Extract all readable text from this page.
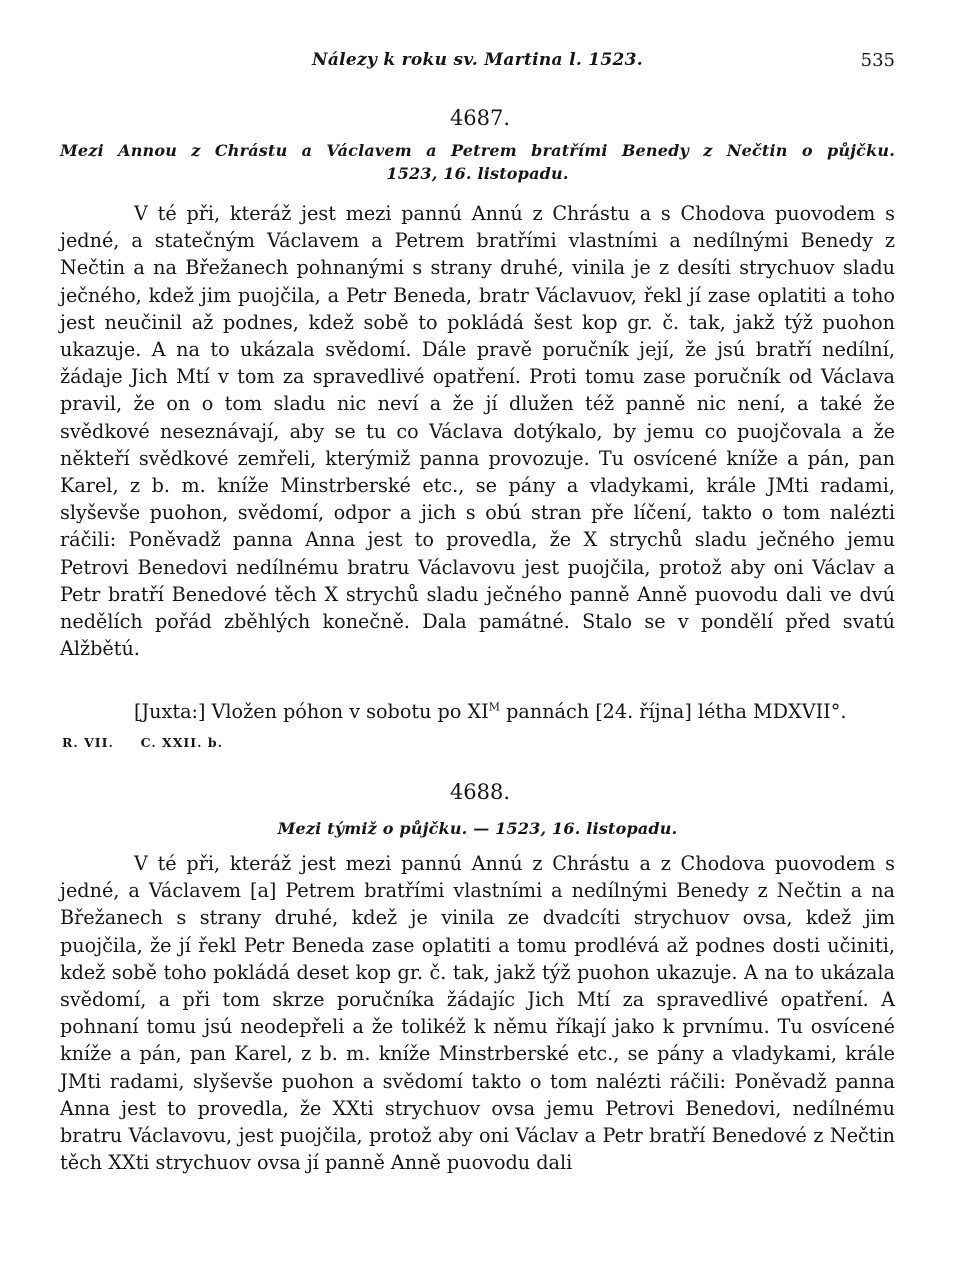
Nálezy k roku sv. Martina l. 1523.	535
4687.
Mezi Annou z Chrástu a Václavem a Petrem bratřími Benedy z Nečtin o půjčku.
1523, 16. listopadu.

V té při, kteráž jest mezi pannú Annú z Chrástu a s Chodova puovodem s jedné, a statečným Václavem a Petrem bratřími vlastními a nedílnými Benedy z Nečtin a na Břežanech pohnanými s strany druhé, vinila je z desíti strychuov sladu ječného, kdež jim puojčila, a Petr Beneda, bratr Václavuov, řekl jí zase oplatiti a toho jest neučinil až podnes, kdež sobě to pokládá šest kop gr. č. tak, jakž týž puohon ukazuje. A na to ukázala svědomí. Dále pravě poručník její, že jsú bratří nedílní, žádaje Jich Mtí v tom za spravedlivé opatření. Proti tomu zase poručník od Václava pravil, že on o tom sladu nic neví a že jí dlužen též panně nic není, a také že svědkové neseznávají, aby se tu co Václava dotýkalo, by jemu co puojčovala a že někteří svědkové zemřeli, kterýmiž panna provozuje. Tu osvícené kníže a pán, pan Karel, z b. m. kníže Minstrberské etc., se pány a vladykami, krále JMti radami, slyševše puohon, svědomí, odpor a jich s obú stran pře líčení, takto o tom nalézti ráčili: Poněvadž panna Anna jest to provedla, že X strychů sladu ječného jemu Petrovi Benedovi nedílnému bratru Václavovu jest puojčila, protož aby oni Václav a Petr bratří Benedové těch X strychů sladu ječného panně Anně puovodu dali ve dvú nedělích pořád zběhlých konečně. Dala památné. Stalo se v pondělí před svatú Alžbětú.

[Juxta:] Vložen póhon v sobotu po $XI^M$ pannách [24. října] létha MDXVII°.

R. VII.     C. XXII. b.
4688.
Mezi týmiž o půjčku. — 1523, 16. listopadu.

V té při, kteráž jest mezi pannú Annú z Chrástu a z Chodova puovodem s jedné, a Václavem [a] Petrem bratřími vlastními a nedílnými Benedy z Nečtin a na Břežanech s strany druhé, kdež je vinila ze dvadcíti strychuov ovsa, kdež jim puojčila, že jí řekl Petr Beneda zase oplatiti a tomu prodlévá až podnes dosti učiniti, kdež sobě toho pokládá deset kop gr. č. tak, jakž týž puohon ukazuje. A na to ukázala svědomí, a při tom skrze poručníka žádajíc Jich Mtí za spravedlivé opatření. A pohnaní tomu jsú neodepřeli a že tolikéž k němu říkají jako k prvnímu. Tu osvícené kníže a pán, pan Karel, z b. m. kníže Minstrberské etc., se pány a vladykami, krále JMti radami, slyševše puohon a svědomí takto o tom nalézti ráčili: Poněvadž panna Anna jest to provedla, že XXti strychuov ovsa jemu Petrovi Benedovi, nedílnému bratru Václavovu, jest puojčila, protož aby oni Václav a Petr bratří Benedové z Nečtin těch XXti strychuov ovsa jí panně Anně puovodu dali
